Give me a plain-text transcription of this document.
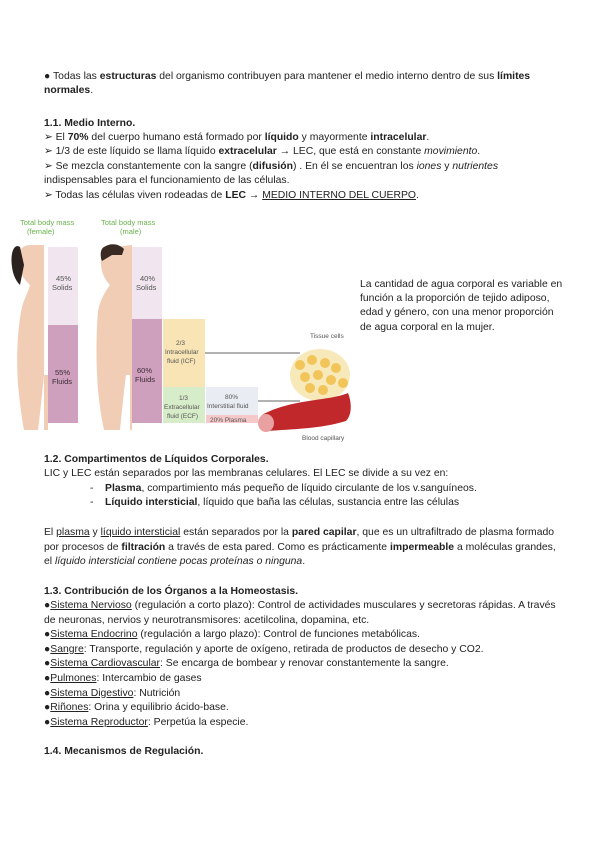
● Todas las estructuras del organismo contribuyen para mantener el medio interno dentro de sus límites normales.

1.1. Medio Interno.

➢ El 70% del cuerpo humano está formado por líquido y mayormente intracelular.

➢ 1/3 de este líquido se llama líquido extracelular → LEC, que está en constante movimiento.

➢ Se mezcla constantemente con la sangre (difusión) . En él se encuentran los iones y nutrientes indispensables para el funcionamiento de las células.

➢ Todas las células viven rodeadas de LEC → MEDIO INTERNO DEL CUERPO.

Total body mass
(female)
45%
Solids
55%
Fluids
Total body mass
(male)
40%
Solids
60%
Fluids
2/3
Intracellular
fluid (ICF)
1/3
Extracellular
fluid (ECF)
80%
Interstitial fluid
20% Plasma
Tissue cells
Blood capillary
La cantidad de agua corporal es variable en función a la proporción de tejido adiposo, edad y género, con una menor proporción de agua corporal en la mujer.

1.2. Compartimentos de Líquidos Corporales.

LIC y LEC están separados por las membranas celulares. El LEC se divide a su vez en:

- Plasma, compartimiento más pequeño de líquido circulante de los v.sanguíneos.

- Líquido intersticial, líquido que baña las células, sustancia entre las células

El plasma y líquido intersticial están separados por la pared capilar, que es un ultrafiltrado de plasma formado por procesos de filtración a través de esta pared. Como es prácticamente impermeable a moléculas grandes, el líquido intersticial contiene pocas proteínas o ninguna.

1.3. Contribución de los Órganos a la Homeostasis.

●Sistema Nervioso (regulación a corto plazo): Control de actividades musculares y secretoras rápidas. A través de neuronas, nervios y neurotransmisores: acetilcolina, dopamina, etc.
●Sistema Endocrino (regulación a largo plazo): Control de funciones metabólicas.
●Sangre: Transporte, regulación y aporte de oxígeno, retirada de productos de desecho y CO2.
●Sistema Cardiovascular: Se encarga de bombear y renovar constantemente la sangre.
●Pulmones: Intercambio de gases
●Sistema Digestivo: Nutrición
●Riñones: Orina y equilibrio ácido-base.
●Sistema Reproductor: Perpetúa la especie.

1.4. Mecanismos de Regulación.
